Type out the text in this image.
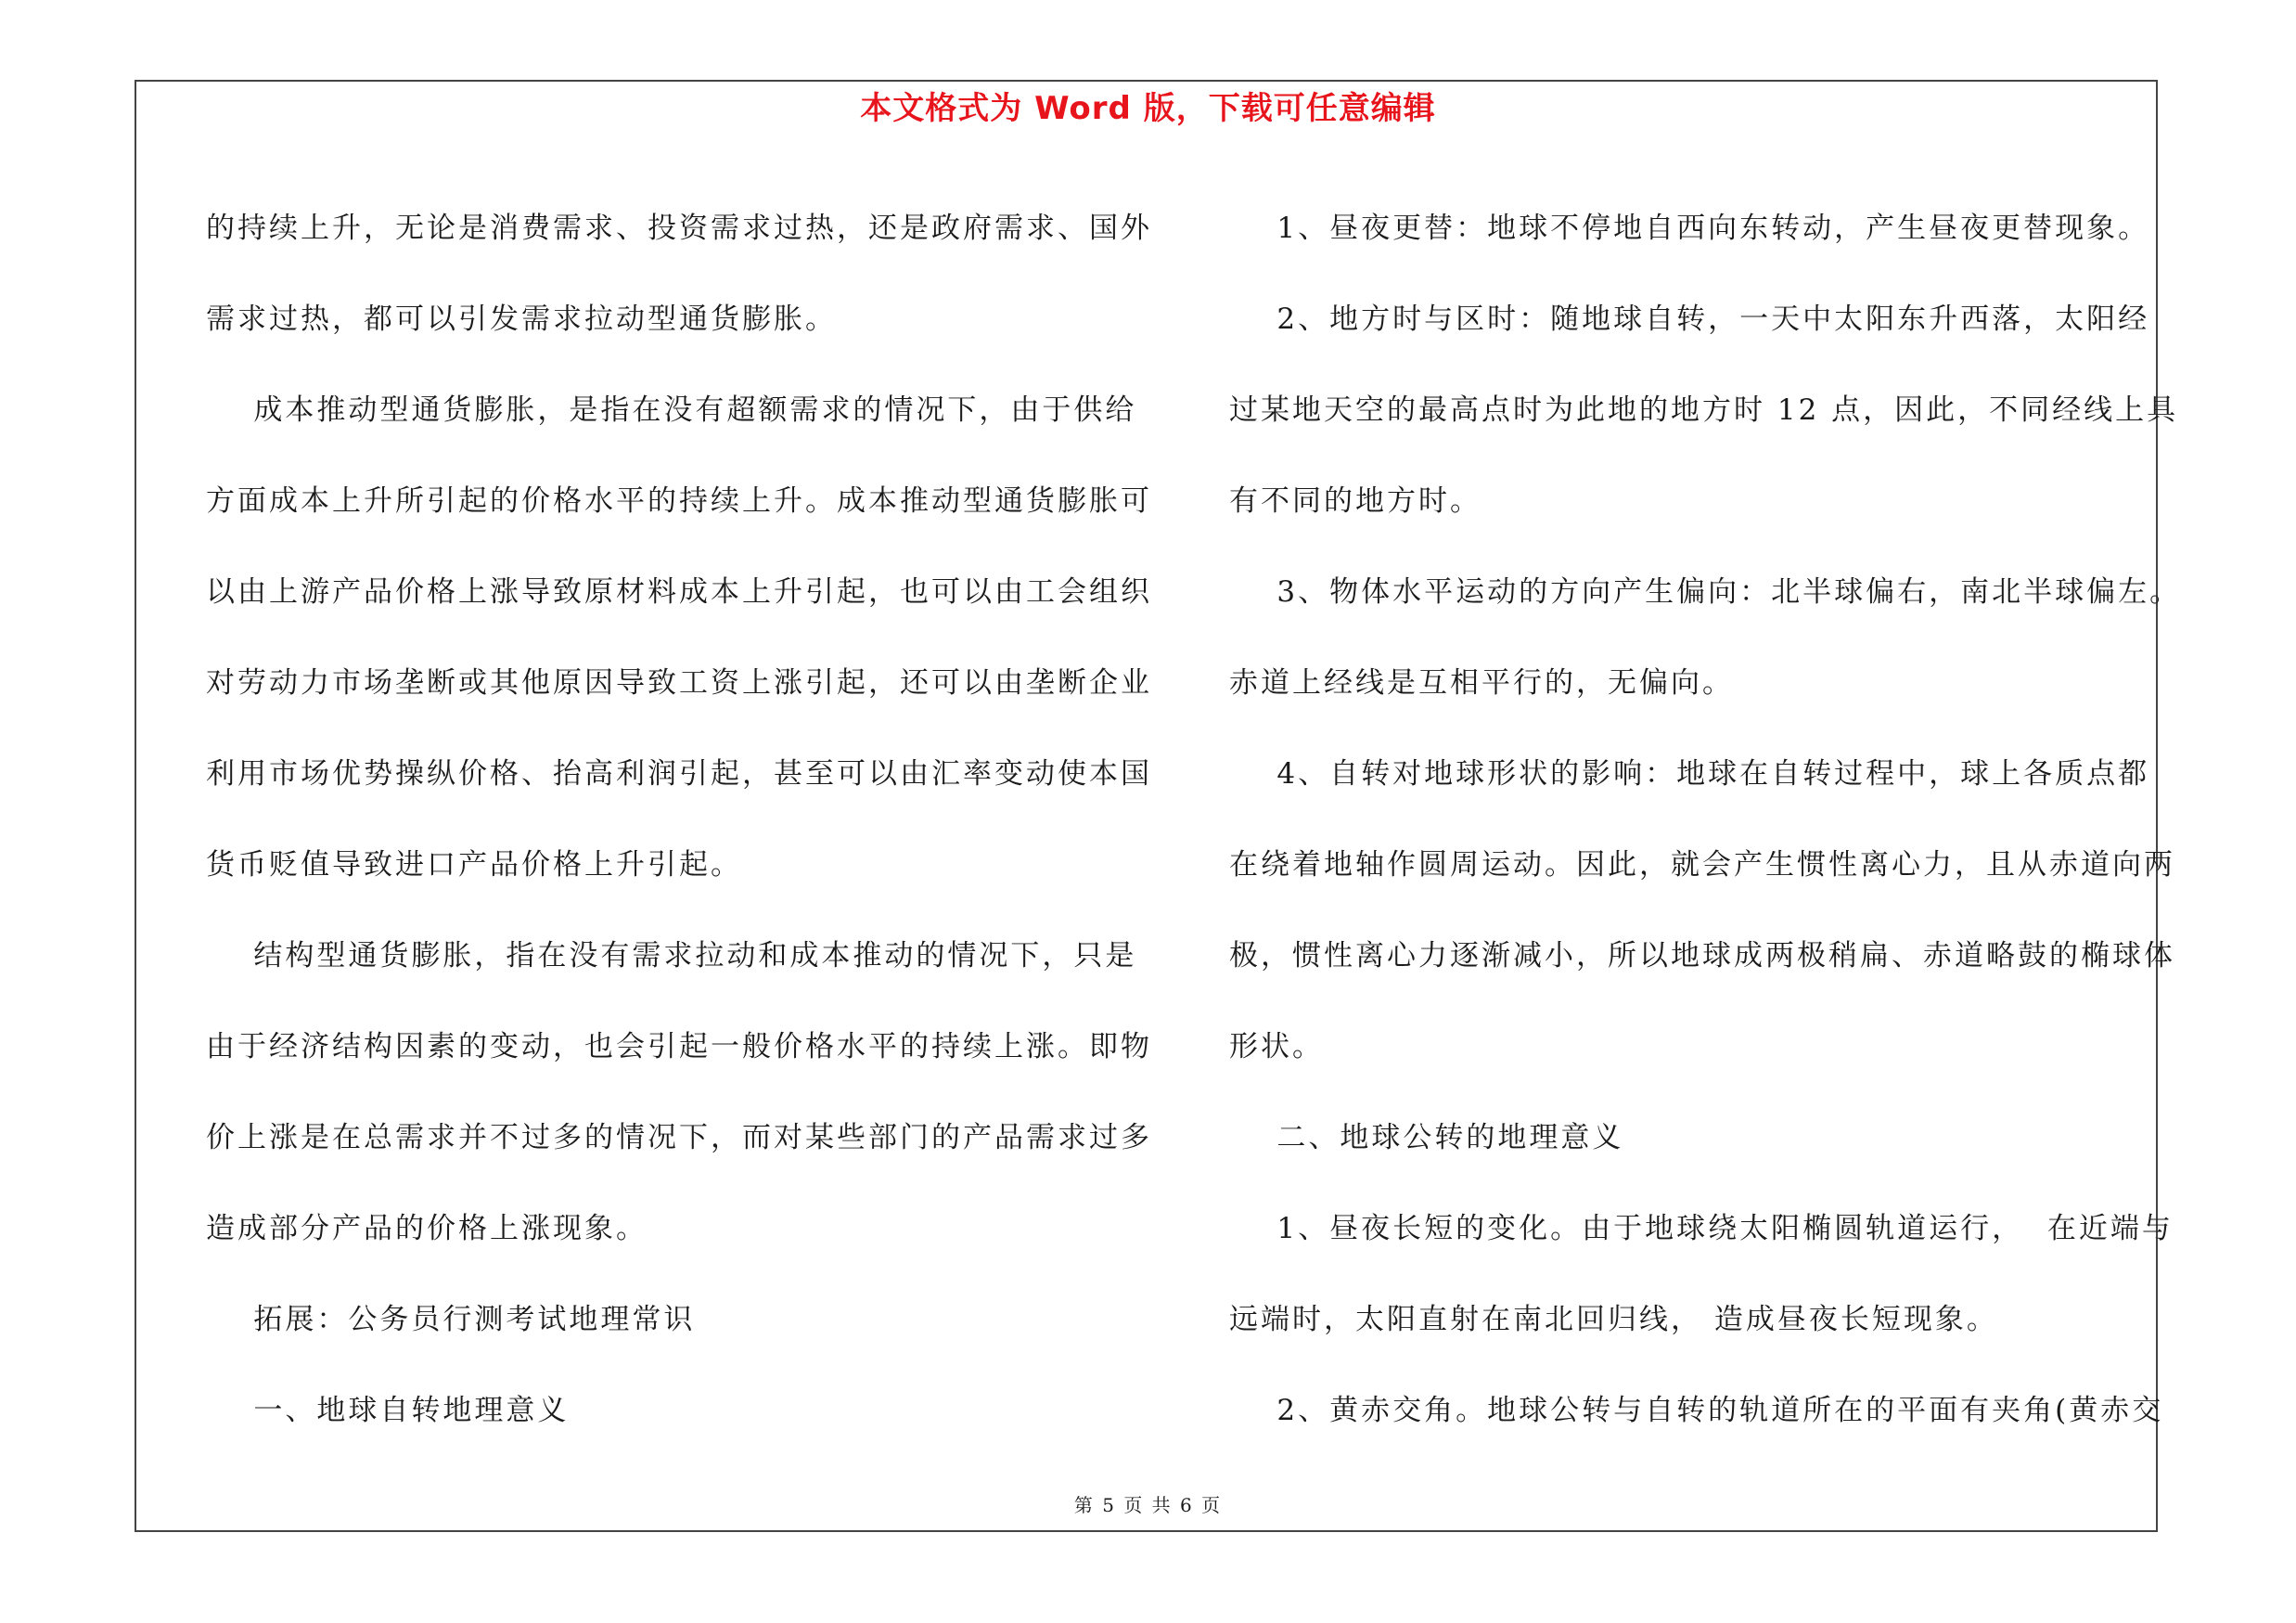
本文格式为 Word 版，下载可任意编辑

的持续上升，无论是消费需求、投资需求过热，还是政府需求、国外

需求过热，都可以引发需求拉动型通货膨胀。

成本推动型通货膨胀，是指在没有超额需求的情况下，由于供给

方面成本上升所引起的价格水平的持续上升。成本推动型通货膨胀可

以由上游产品价格上涨导致原材料成本上升引起，也可以由工会组织

对劳动力市场垄断或其他原因导致工资上涨引起，还可以由垄断企业

利用市场优势操纵价格、抬高利润引起，甚至可以由汇率变动使本国

货币贬值导致进口产品价格上升引起。

结构型通货膨胀，指在没有需求拉动和成本推动的情况下，只是

由于经济结构因素的变动，也会引起一般价格水平的持续上涨。即物

价上涨是在总需求并不过多的情况下，而对某些部门的产品需求过多

造成部分产品的价格上涨现象。

拓展：公务员行测考试地理常识

一、地球自转地理意义

1、昼夜更替：地球不停地自西向东转动，产生昼夜更替现象。

2、地方时与区时：随地球自转，一天中太阳东升西落，太阳经

过某地天空的最高点时为此地的地方时 12 点，因此，不同经线上具

有不同的地方时。

3、物体水平运动的方向产生偏向：北半球偏右，南北半球偏左。

赤道上经线是互相平行的，无偏向。

4、自转对地球形状的影响：地球在自转过程中，球上各质点都

在绕着地轴作圆周运动。因此，就会产生惯性离心力，且从赤道向两

极，惯性离心力逐渐减小，所以地球成两极稍扁、赤道略鼓的椭球体

形状。

二、地球公转的地理意义

1、昼夜长短的变化。由于地球绕太阳椭圆轨道运行，  在近端与

远端时，太阳直射在南北回归线， 造成昼夜长短现象。

2、黄赤交角。地球公转与自转的轨道所在的平面有夹角(黄赤交

第 5 页 共 6 页
